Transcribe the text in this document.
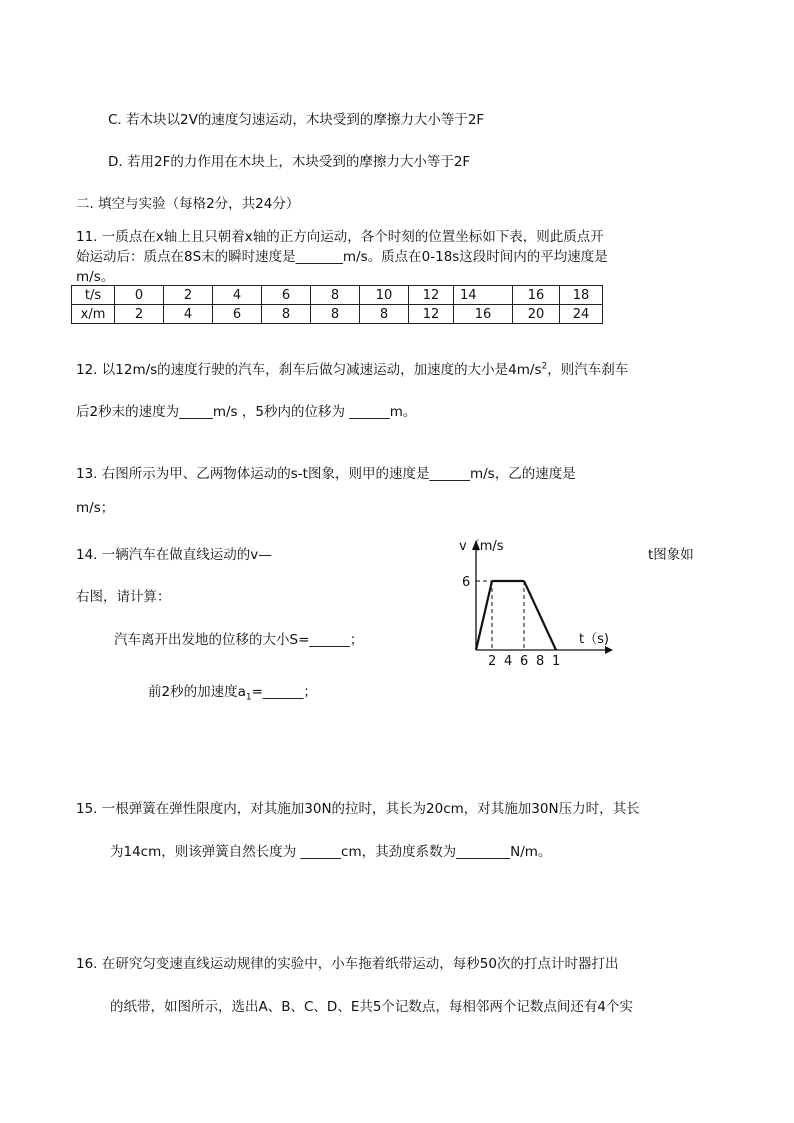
C. 若木块以2V的速度匀速运动，木块受到的摩擦力大小等于2F
D. 若用2F的力作用在木块上，木块受到的摩擦力大小等于2F
二. 填空与实验（每格2分，共24分）
11. 一质点在x轴上且只朝着x轴的正方向运动，各个时刻的位置坐标如下表，则此质点开
始运动后：质点在8S末的瞬时速度是_______m/s。质点在0-18s这段时间内的平均速度是
m/s。
t/s	0	2	4	6	8	10	12	14	16	18
x/m	2	4	6	8	8	8	12	16	20	24
12. 以12m/s的速度行驶的汽车，刹车后做匀减速运动，加速度的大小是$4m/s^2$，则汽车刹车
后2秒末的速度为_____m/s ，5秒内的位移为 ______m。
13. 右图所示为甲、乙两物体运动的s-t图象，则甲的速度是______m/s，乙的速度是
m/s；
14. 一辆汽车在做直线运动的v—	t图象如
右图，请计算：
汽车离开出发地的位移的大小S=______；
前2秒的加速度$a_1=\_\_\_\_\_\_$；
v（m/s
t（s)
6
2 4 6 8 1
15. 一根弹簧在弹性限度内，对其施加30N的拉时，其长为20cm，对其施加30N压力时，其长
为14cm，则该弹簧自然长度为 ______cm，其劲度系数为________N/m。
16. 在研究匀变速直线运动规律的实验中，小车拖着纸带运动，每秒50次的打点计时器打出
的纸带，如图所示，选出A、B、C、D、E共5个记数点，每相邻两个记数点间还有4个实
